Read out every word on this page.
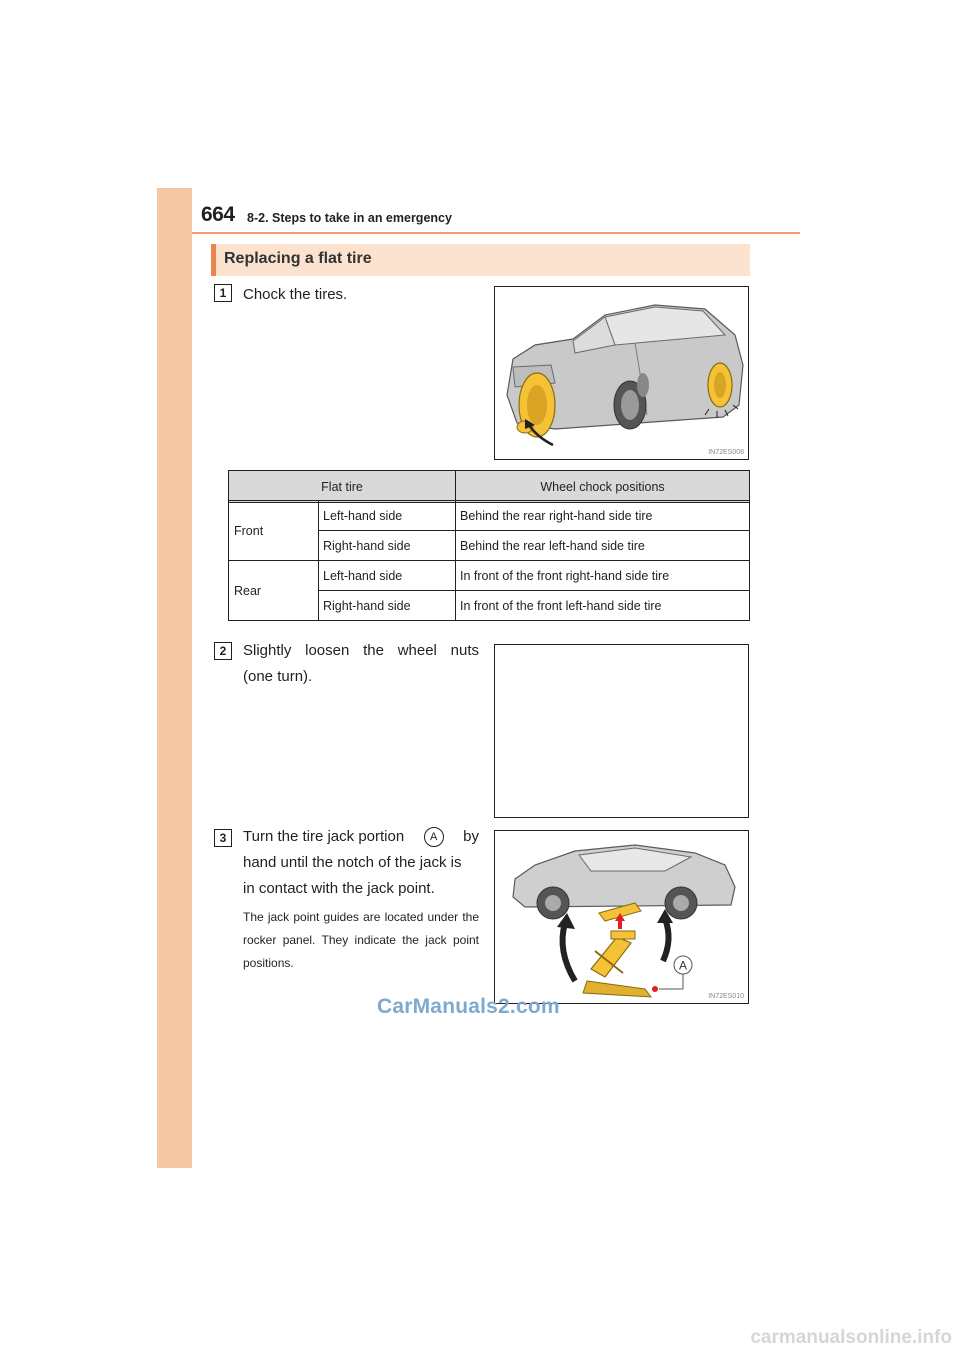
664 8-2. Steps to take in an emergency
Replacing a flat tire
1	Chock the tires.
IN72ES008
Flat tire	Wheel chock positions
Front	Left-hand side	Behind the rear right-hand side tire
	Right-hand side	Behind the rear left-hand side tire
Rear	Left-hand side	In front of the front right-hand side tire
	Right-hand side	In front of the front left-hand side tire
2	Slightly loosen the wheel nuts
(one turn).
3	Turn the tire jack portion	A	by
hand until the notch of the jack is
in contact with the jack point.
The jack point guides are located under the rocker panel. They indicate the jack point positions.	A
IN72ES010
CarManuals2.com
carmanualsonline.info
